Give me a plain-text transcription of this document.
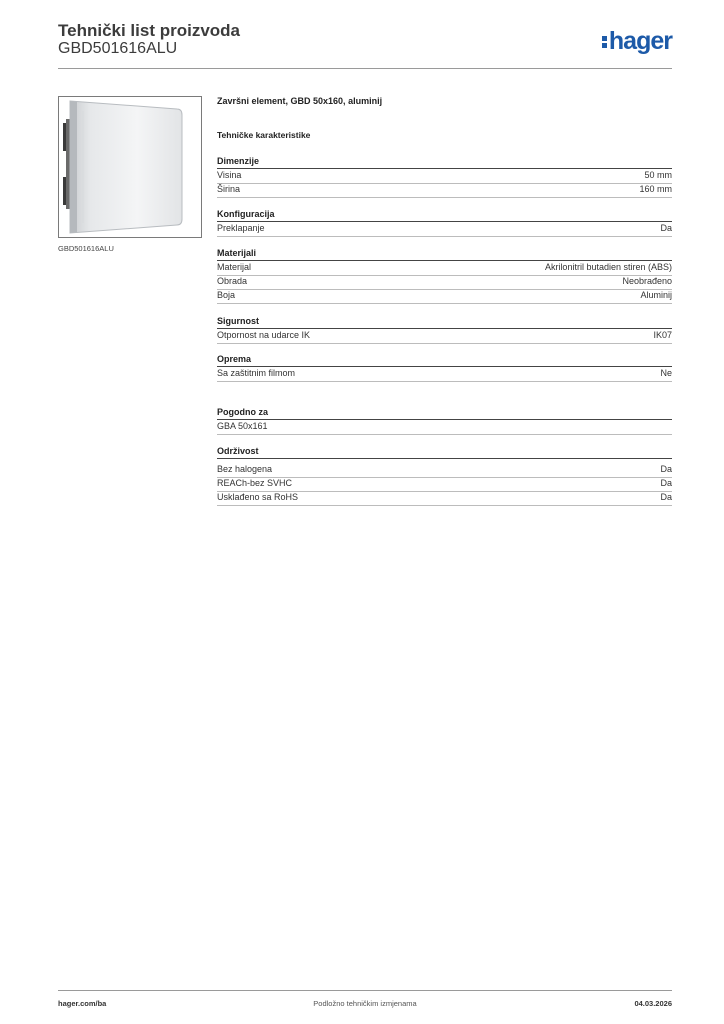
Tehnički list proizvoda
GBD501616ALU	hager
GBD501616ALU
Završni element, GBD 50x160, aluminij
Tehničke karakteristike
Dimenzije
Visina	50 mm
Širina	160 mm
Konfiguracija
Preklapanje	Da
Materijali
Materijal	Akrilonitril butadien stiren (ABS)
Obrada	Neobrađeno
Boja	Aluminij
Sigurnost
Otpornost na udarce IK	IK07
Oprema
Sa zaštitnim filmom	Ne
Pogodno za
GBA 50x161
Održivost
Bez halogena	Da
REACh-bez SVHC	Da
Usklađeno sa RoHS	Da
hager.com/ba	Podložno tehničkim izmjenama	04.03.2026
